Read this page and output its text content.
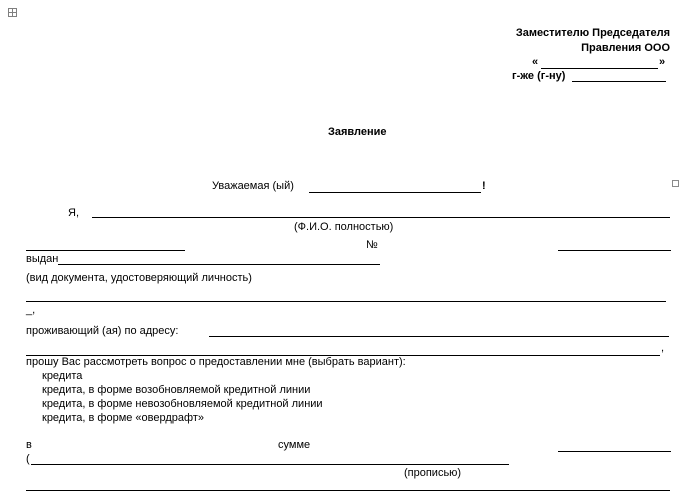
Заместителю Председателя
Правления ООО
«	»
г-же (г-ну)
Заявление
Уважаемая (ый)	!
Я,
(Ф.И.О. полностью)
№
выдан
(вид документа, удостоверяющий личность)
_,
проживающий (ая) по адресу:
,
прошу Вас рассмотреть вопрос о предоставлении мне (выбрать вариант):
кредита
кредита, в форме возобновляемой кредитной линии
кредита, в форме невозобновляемой кредитной линии
кредита, в форме «овердрафт»
в	сумме
(
(прописью)
